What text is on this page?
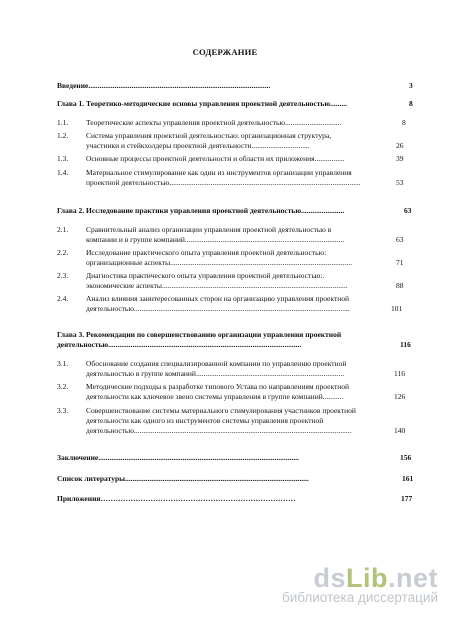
СОДЕРЖАНИЕ
Введение.................................................................................................	3
Глава 1. Теоретико-методические основы управления проектной деятельностью.........	8
1.1. Теоретические аспекты управления проектной деятельностью..............................	8
1.2. Система управления проектной деятельностью: организационная структура,
участники и стейкхолдеры проектной деятельности...............................	26
1.3. Основные процессы проектной деятельности и области их приложения................	39
1.4. Материальное стимулирование как один из инструментов организации управления
проектной деятельностью......................................................................................................	53
Глава 2. Исследование практики управления проектной деятельностью.......................	63
2.1. Сравнительный анализ организации управления проектной деятельностью в
компании и в группе компаний.....................................................................................	63
2.2. Исследование практического опыта управления проектной деятельностью:
организационные аспекты.................................................................................................	71
2.3. Диагностика практического опыта управления проектной деятельностью:.
экономические аспекты...................................................................................................	88
2.4. Анализ влияния заинтересованных сторон на организацию управления проектной
деятельностью...................................................................................................................	101
Глава 3. Рекомендации по совершенствованию организации управления проектной
деятельностью.......................................................................................................	116
3.1. Обоснование создания специализированной компании по управлению проектной
деятельностью в группе компаний...............................................................................	116
3.2. Методические подходы к разработке типового Устава по направлениям проектной
деятельности как ключевое звено системы управления в группе компаний...........	126
3.3. Совершенствование системы материального стимулирования участников проектной
деятельности как одного из инструментов системы управления проектной
деятельностью....................................................................................................................	140
Заключение...........................................................................................................	156
Список литературы..................................................................................................	161
Приложения……………………………………………………………………	177
dsLib.net
библиотека диссертаций
